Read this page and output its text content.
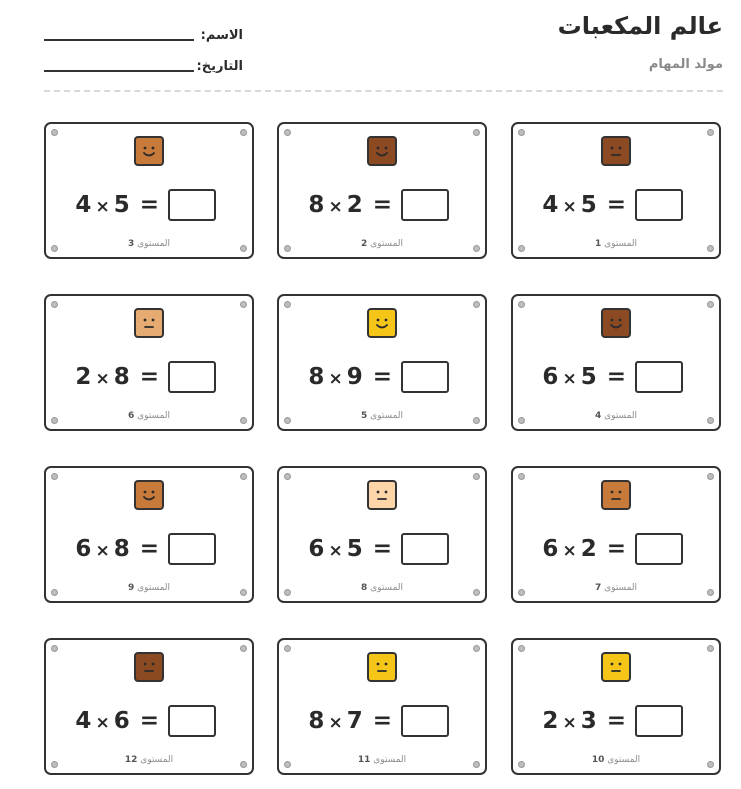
عالم المكعبات
مولد المهام
الاسم:
التاريخ:
4 × 5 =
المستوى 1
8 × 2 =
المستوى 2
4 × 5 =
المستوى 3
6 × 5 =
المستوى 4
8 × 9 =
المستوى 5
2 × 8 =
المستوى 6
6 × 2 =
المستوى 7
6 × 5 =
المستوى 8
6 × 8 =
المستوى 9
2 × 3 =
المستوى 10
8 × 7 =
المستوى 11
4 × 6 =
المستوى 12
